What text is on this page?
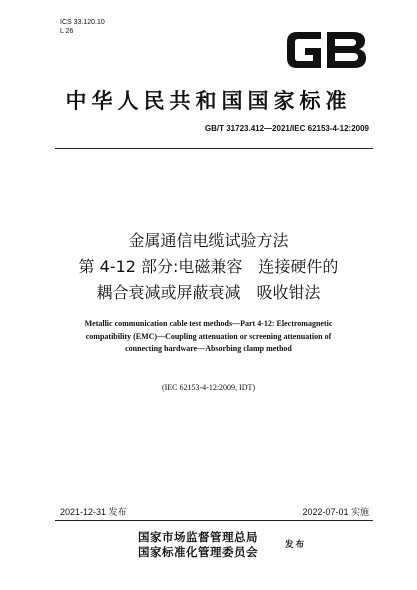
ICS 33.120.10
L 26
GB
中华人民共和国国家标准
GB/T 31723.412—2021/IEC 62153-4-12:2009
金属通信电缆试验方法
第 4-12 部分:电磁兼容　连接硬件的
耦合衰减或屏蔽衰减　吸收钳法
Metallic communication cable test methods—Part 4-12: Electromagnetic
compatibility (EMC)—Coupling attenuation or screening attenuation of
connecting hardware—Absorbing clamp method
(IEC 62153-4-12:2009, IDT)
2021-12-31 发布	2022-07-01 实施
国家市场监督管理总局
国家标准化管理委员会	发布
